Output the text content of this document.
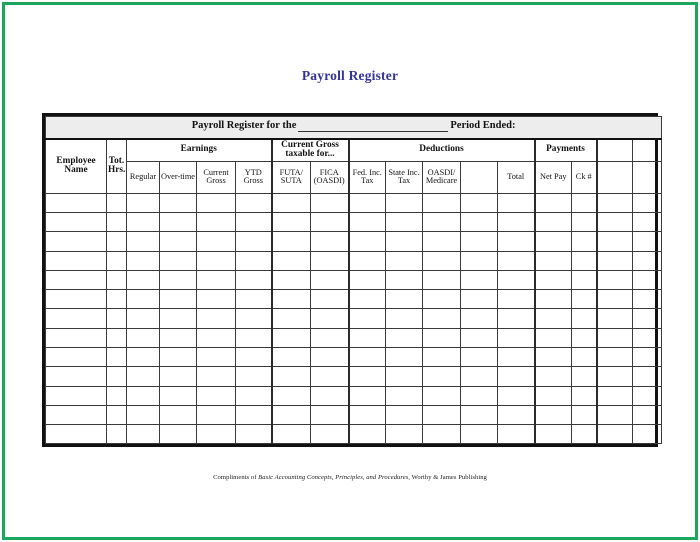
Payroll Register
Payroll Register for the Period Ended:																
Employee Name	Tot. Hrs.	Earnings				Current Gross taxable for...		Deductions					Payments			
		Regular	Over-time	Current Gross	YTD Gross	FUTA/ SUTA	FICA (OASDI)	Fed. Inc. Tax	State Inc. Tax	OASDI/ Medicare		Total	Net Pay	Ck #		

Compliments of Basic Accounting Concepts, Principles, and Procedures, Worthy & James Publishing
